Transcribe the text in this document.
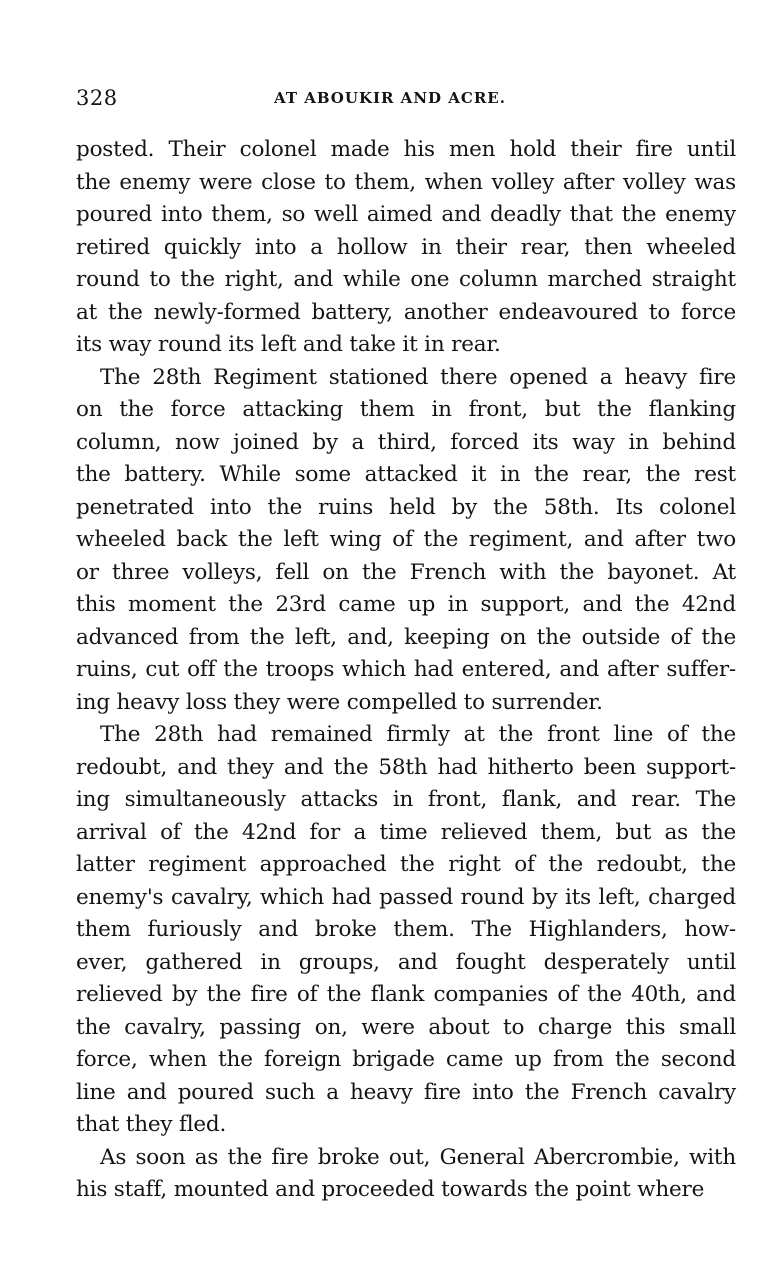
328	AT ABOUKIR AND ACRE.
posted. Their colonel made his men hold their fire until
the enemy were close to them, when volley after volley was
poured into them, so well aimed and deadly that the enemy
retired quickly into a hollow in their rear, then wheeled
round to the right, and while one column marched straight
at the newly-formed battery, another endeavoured to force
its way round its left and take it in rear.
The 28th Regiment stationed there opened a heavy fire
on the force attacking them in front, but the flanking
column, now joined by a third, forced its way in behind
the battery. While some attacked it in the rear, the rest
penetrated into the ruins held by the 58th. Its colonel
wheeled back the left wing of the regiment, and after two
or three volleys, fell on the French with the bayonet. At
this moment the 23rd came up in support, and the 42nd
advanced from the left, and, keeping on the outside of the
ruins, cut off the troops which had entered, and after suffer-
ing heavy loss they were compelled to surrender.
The 28th had remained firmly at the front line of the
redoubt, and they and the 58th had hitherto been support-
ing simultaneously attacks in front, flank, and rear. The
arrival of the 42nd for a time relieved them, but as the
latter regiment approached the right of the redoubt, the
enemy's cavalry, which had passed round by its left, charged
them furiously and broke them. The Highlanders, how-
ever, gathered in groups, and fought desperately until
relieved by the fire of the flank companies of the 40th, and
the cavalry, passing on, were about to charge this small
force, when the foreign brigade came up from the second
line and poured such a heavy fire into the French cavalry
that they fled.
As soon as the fire broke out, General Abercrombie, with
his staff, mounted and proceeded towards the point where
